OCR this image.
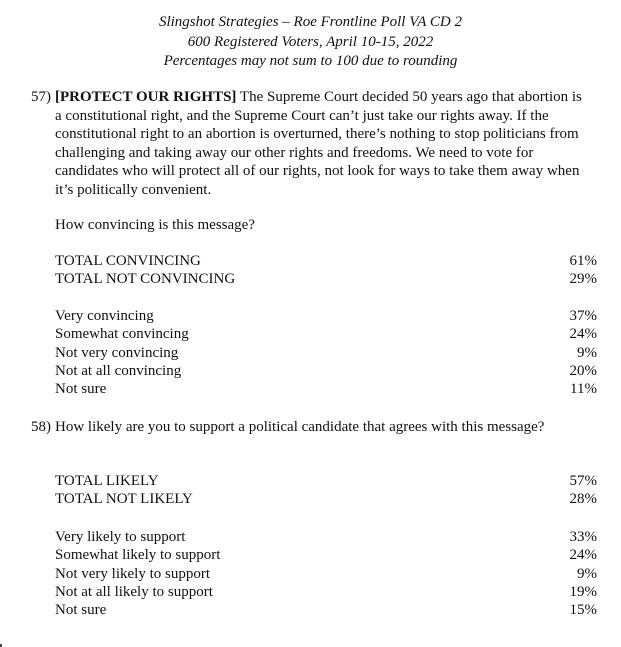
Slingshot Strategies – Roe Frontline Poll VA CD 2
600 Registered Voters, April 10-15, 2022
Percentages may not sum to 100 due to rounding
57) [PROTECT OUR RIGHTS] The Supreme Court decided 50 years ago that abortion is a constitutional right, and the Supreme Court can’t just take our rights away. If the constitutional right to an abortion is overturned, there’s nothing to stop politicians from challenging and taking away our other rights and freedoms. We need to vote for candidates who will protect all of our rights, not look for ways to take them away when it’s politically convenient.
How convincing is this message?
TOTAL CONVINCING	61%
TOTAL NOT CONVINCING	29%
Very convincing	37%
Somewhat convincing	24%
Not very convincing	9%
Not at all convincing	20%
Not sure	11%
58) How likely are you to support a political candidate that agrees with this message?
TOTAL LIKELY	57%
TOTAL NOT LIKELY	28%
Very likely to support	33%
Somewhat likely to support	24%
Not very likely to support	9%
Not at all likely to support	19%
Not sure	15%
